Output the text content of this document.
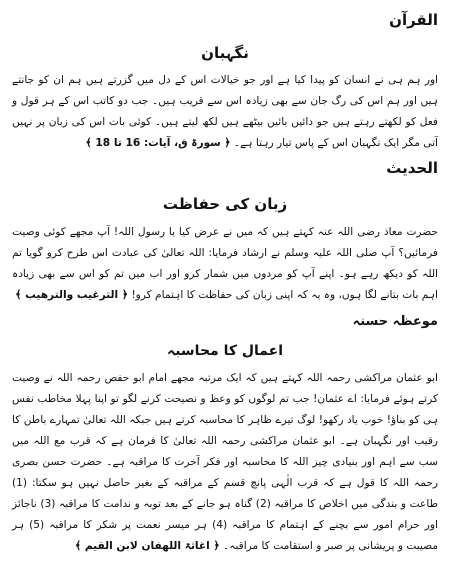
القرآن
نگہبان

اور ہم ہی نے انسان کو پیدا کیا ہے اور جو خیالات اس کے دل میں گزرتے ہیں ہم ان کو جانتے ہیں اور ہم اس کی رگ جان سے بھی زیادہ اس سے قریب ہیں۔ جب دو کاتب اس کے ہر قول و فعل کو لکھتے رہتے ہیں جو دائیں بائیں بیٹھے ہیں لکھ لیتے ہیں۔ کوئی بات اس کی زبان پر نہیں آتی مگر ایک نگہبان اس کے پاس تیار رہتا ہے۔ ﴿ سورۃ ق، آیات: 16 تا 18 ﴾

الحدیث
زبان کی حفاظت

حضرت معاذ رضی اللہ عنہ کہتے ہیں کہ میں نے عرض کیا یا رسول اللہ! آپ مجھے کوئی وصیت فرمائیں؟ آپ صلی اللہ علیہ وسلم نے ارشاد فرمایا: اللہ تعالیٰ کی عبادت اس طرح کرو گویا تم اللہ کو دیکھ رہے ہو۔ اپنے آپ کو مردوں میں شمار کرو اور اب میں تم کو اس سے بھی زیادہ اہم بات بتانے لگا ہوں، وہ یہ کہ اپنی زبان کی حفاظت کا اہتمام کرو! ﴿ الترغیب والترھیب ﴾

موعظہ حسنہ
اعمال کا محاسبہ

ابو عثمان مراکشی رحمہ اللہ کہتے ہیں کہ ایک مرتبہ مجھے امام ابو حفص رحمہ اللہ نے وصیت کرتے ہوئے فرمایا: اے عثمان! جب تم لوگوں کو وعظ و نصیحت کرنے لگو تو اپنا پہلا مخاطب نفس ہی کو بناؤ! خوب یاد رکھو! لوگ تیرے ظاہر کا محاسبہ کرتے ہیں جبکہ اللہ تعالیٰ تمہارے باطن کا رقیب اور نگہبان ہے۔ ابو عثمان مراکشی رحمہ اللہ تعالیٰ کا فرمان ہے کہ قرب مع اللہ میں سب سے اہم اور بنیادی چیز اللہ کا محاسبہ اور فکر آخرت کا مراقبہ ہے۔ حضرت حسن بصری رحمہ اللہ کا قول ہے کہ قرب الٰہی پانچ قسم کے مراقبہ کے بغیر حاصل نہیں ہو سکتا: (1) طاعت و بندگی میں اخلاص کا مراقبہ (2) گناہ ہو جانے کے بعد توبہ و ندامت کا مراقبہ (3) ناجائز اور حرام امور سے بچنے کے اہتمام کا مراقبہ (4) ہر میسر نعمت پر شکر کا مراقبہ (5) ہر مصیبت و پریشانی پر صبر و استقامت کا مراقبہ۔ ﴿ اغاثۃ اللھفان لابن القیم ﴾
